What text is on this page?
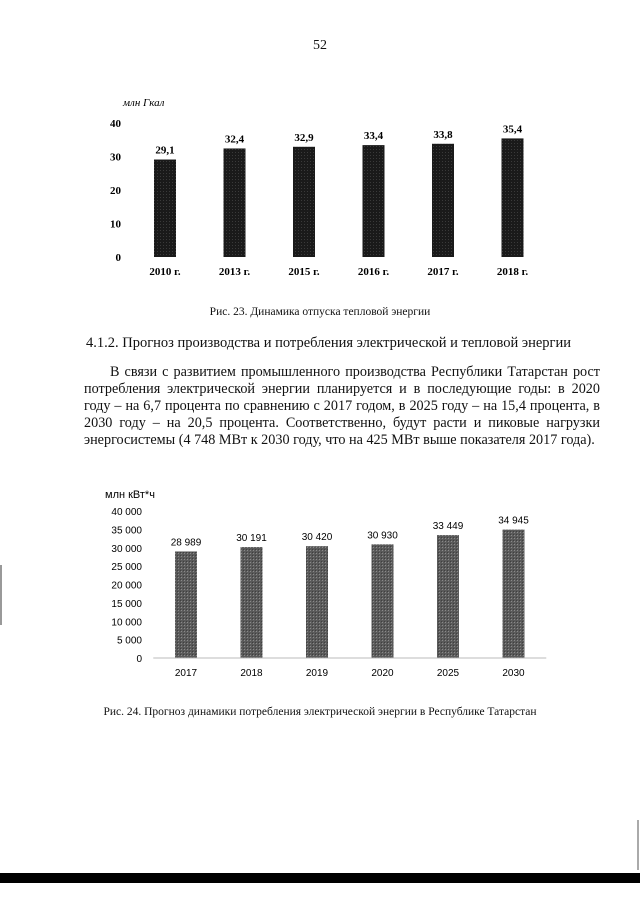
52
млн Гкал
0
10
20
30
40
29,1
2010 г.
32,4
2013 г.
32,9
2015 г.
33,4
2016 г.
33,8
2017 г.
35,4
2018 г.
Рис. 23. Динамика отпуска тепловой энергии
4.1.2. Прогноз производства и потребления электрической и тепловой энергии
В связи с развитием промышленного производства Республики Татарстан рост потребления электрической энергии планируется и в последующие годы: в 2020 году – на 6,7 процента по сравнению с 2017 годом, в 2025 году – на 15,4 процента, в 2030 году – на 20,5 процента. Соответственно, будут расти и пиковые нагрузки энергосистемы (4 748 МВт к 2030 году, что на 425 МВт выше показателя 2017 года).
млн кВт*ч
0
5 000
10 000
15 000
20 000
25 000
30 000
35 000
40 000
28 989
2017
30 191
2018
30 420
2019
30 930
2020
33 449
2025
34 945
2030
Рис. 24. Прогноз динамики потребления электрической энергии в Республике Татарстан
